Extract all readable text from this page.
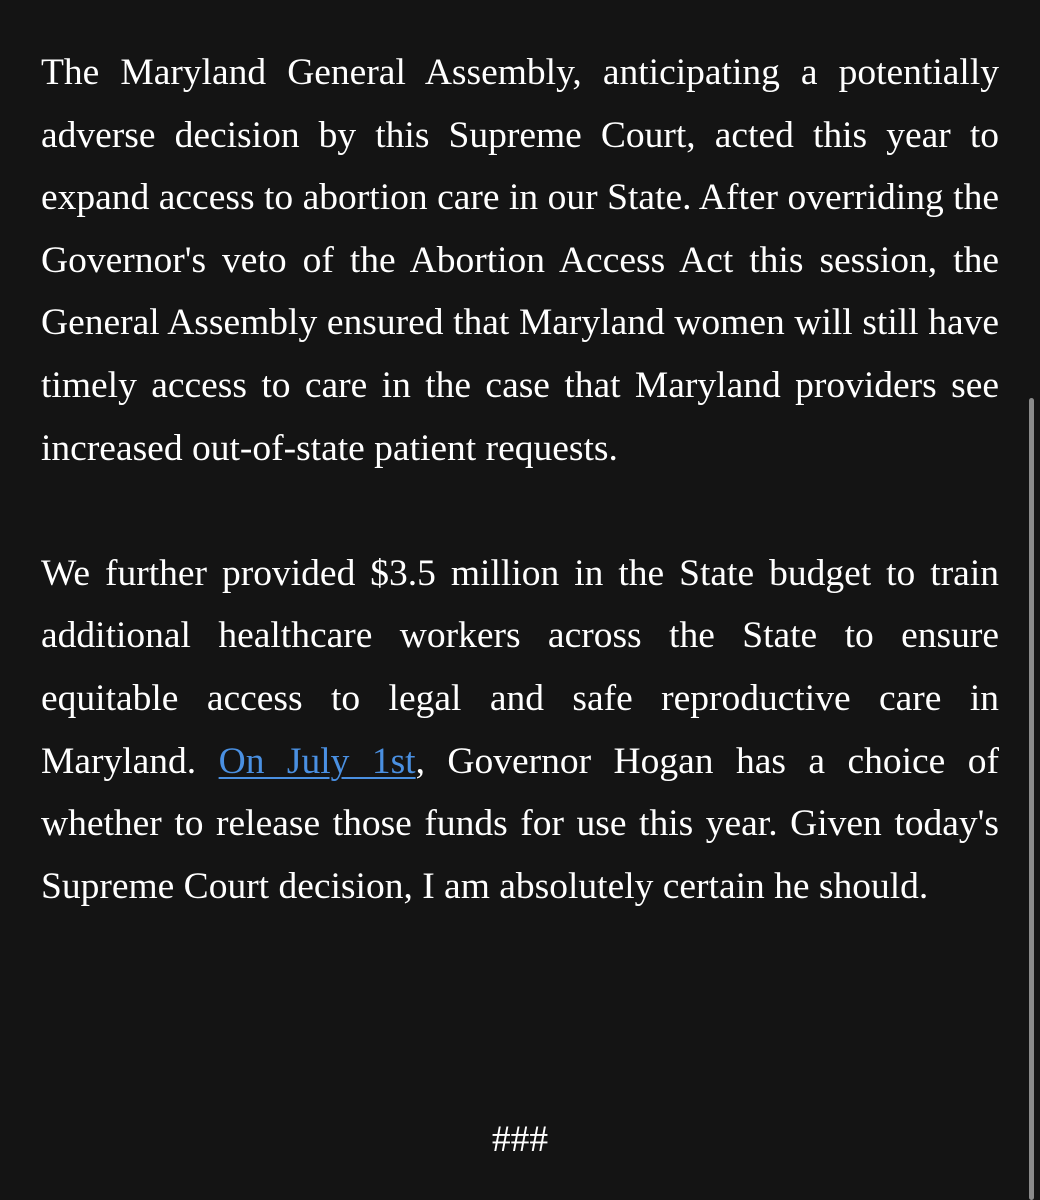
The Maryland General Assembly, anticipating a potentially adverse decision by this Supreme Court, acted this year to expand access to abortion care in our State. After overriding the Governor's veto of the Abortion Access Act this session, the General Assembly ensured that Maryland women will still have timely access to care in the case that Maryland providers see increased out-of-state patient requests.

We further provided $3.5 million in the State budget to train additional healthcare workers across the State to ensure equitable access to legal and safe reproductive care in Maryland. On July 1st, Governor Hogan has a choice of whether to release those funds for use this year. Given today's Supreme Court decision, I am absolutely certain he should.

###
